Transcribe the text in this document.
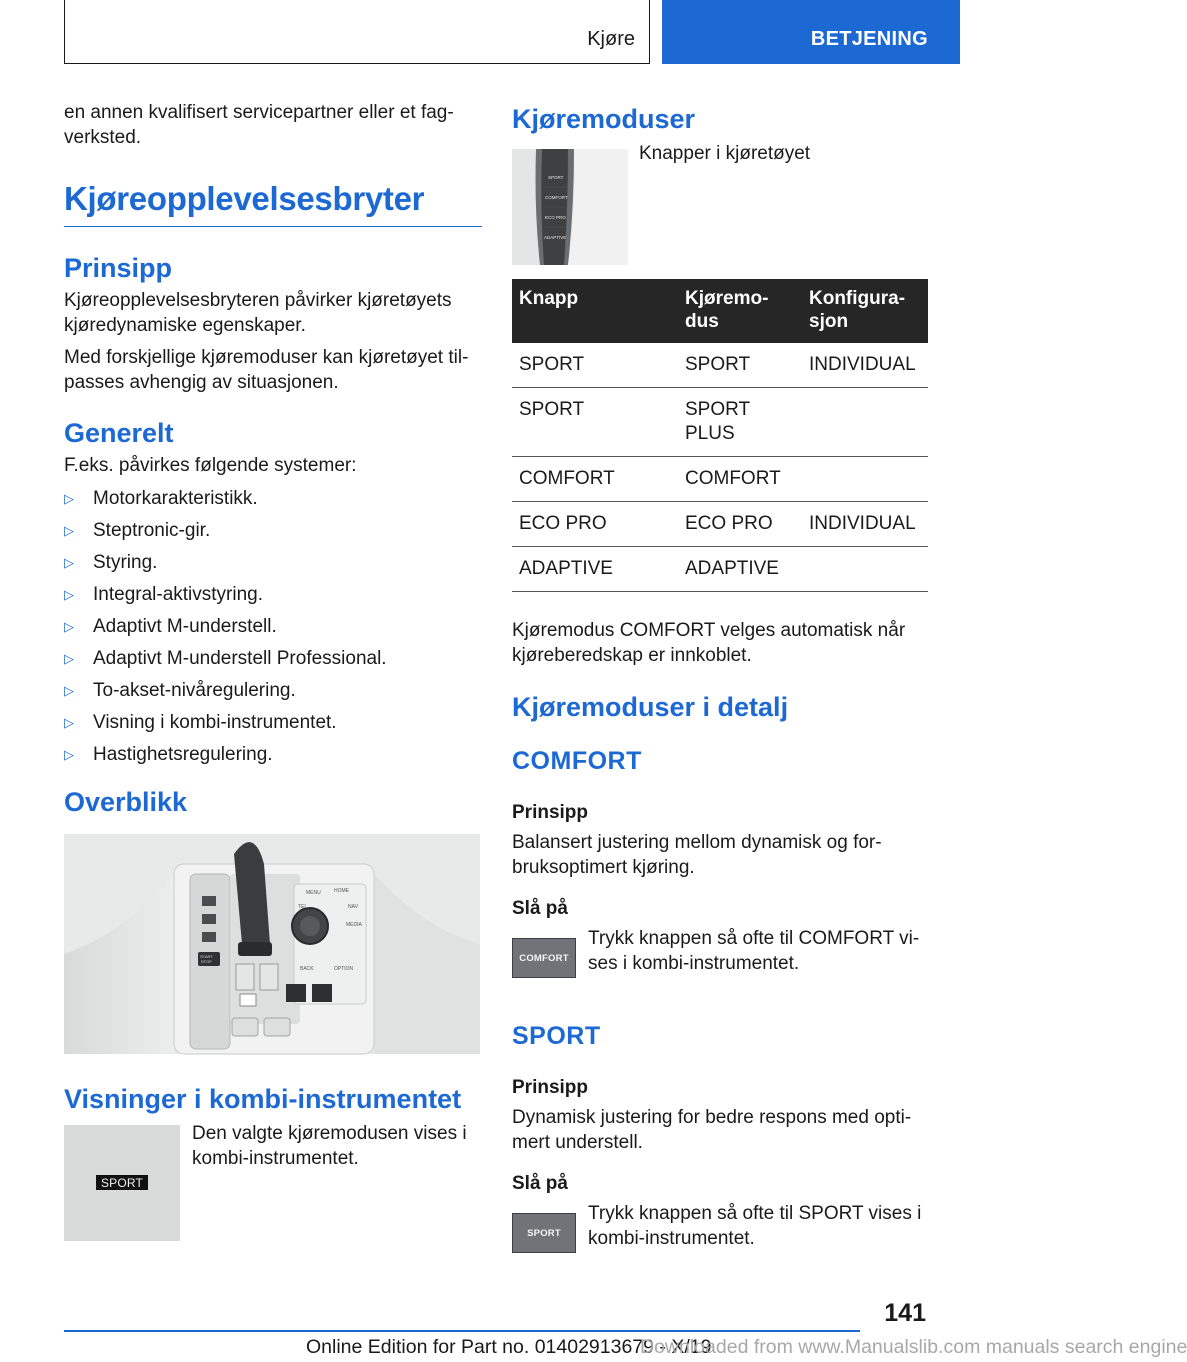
Kjøre	BETJENING

en annen kvalifisert servicepartner eller et fag-verksted.

Kjøreopplevelsesbryter
Prinsipp

Kjøreopplevelsesbryteren påvirker kjøretøyets kjøredynamiske egenskaper.

Med forskjellige kjøremoduser kan kjøretøyet til-passes avhengig av situasjonen.

Generelt

F.eks. påvirkes følgende systemer:

▷ Motorkarakteristikk.
▷ Steptronic-gir.
▷ Styring.
▷ Integral-aktivstyring.
▷ Adaptivt M-understell.
▷ Adaptivt M-understell Professional.
▷ To-akset-nivåregulering.
▷ Visning i kombi-instrumentet.
▷ Hastighetsregulering.
Overblikk
MENU	HOME
TEL	NAV
MEDIA
BACK	OPTION
START
STOP
Visninger i kombi-instrumentet
SPORT

Den valgte kjøremodusen vises i kombi-instrumentet.

Kjøremoduser
SPORT
COMFORT
ECO PRO
ADAPTIVE

Knapper i kjøretøyet

Knapp	Kjøremo-dus	Konfigura-sjon
SPORT	SPORT	INDIVIDUAL
SPORT	SPORT PLUS	
COMFORT	COMFORT	
ECO PRO	ECO PRO	INDIVIDUAL
ADAPTIVE	ADAPTIVE	

Kjøremodus COMFORT velges automatisk når kjøreberedskap er innkoblet.

Kjøremoduser i detalj
COMFORT
Prinsipp

Balansert justering mellom dynamisk og for-bruksoptimert kjøring.

Slå på
COMFORT

Trykk knappen så ofte til COMFORT vi-ses i kombi-instrumentet.

SPORT
Prinsipp

Dynamisk justering for bedre respons med opti-mert understell.

Slå på
SPORT

Trykk knappen så ofte til SPORT vises i kombi-instrumentet.

141
Online Edition for Part no. 01402913679 - X/19
Downloaded from www.Manualslib.com manuals search engine
